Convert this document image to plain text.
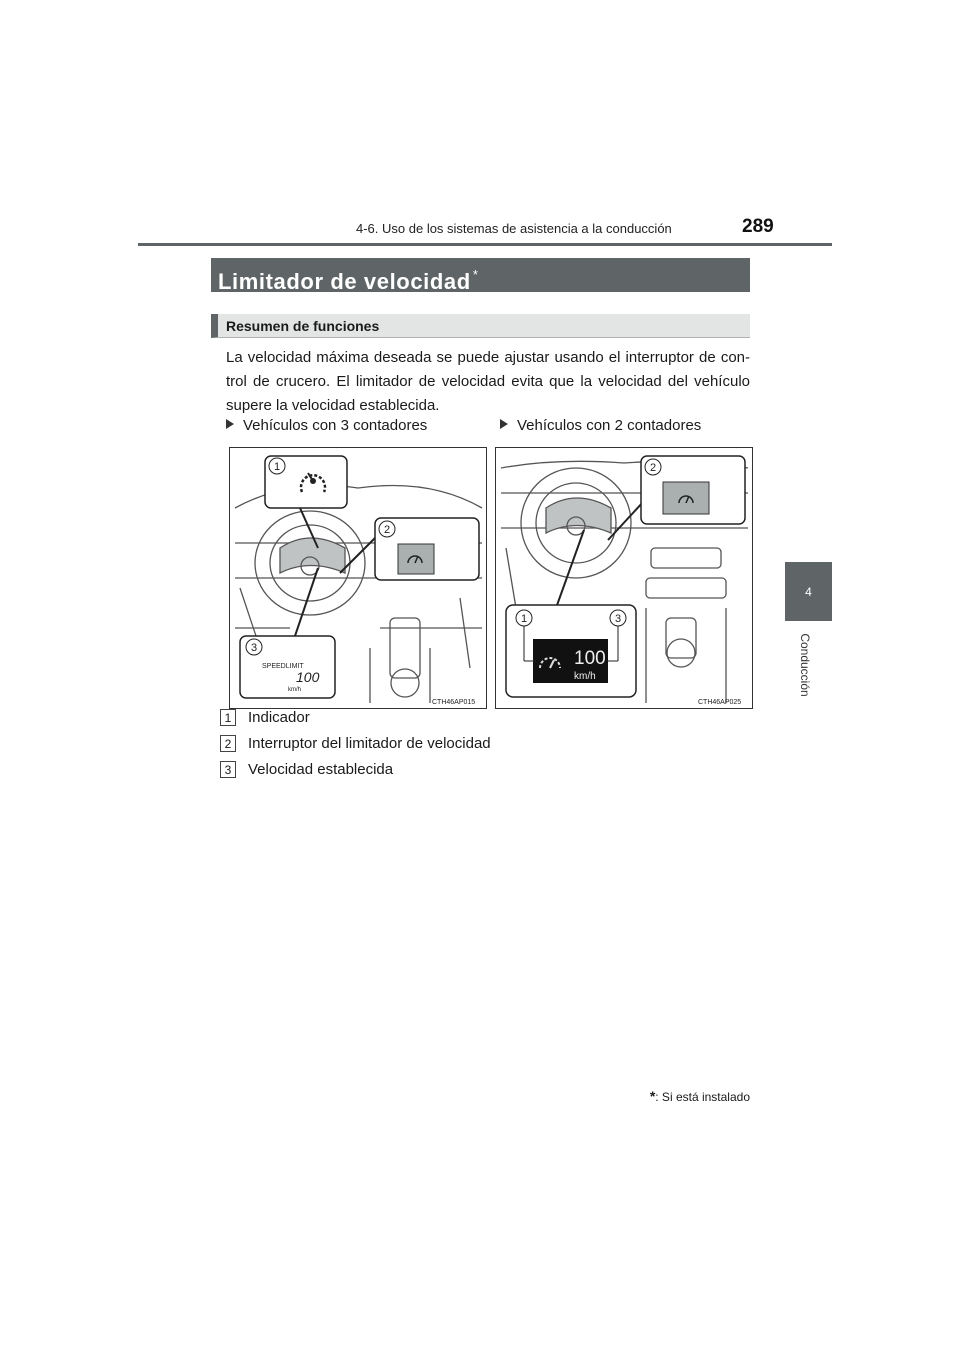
4-6. Uso de los sistemas de asistencia a la conducción	289
4
Conducción
Limitador de velocidad *
Resumen de funciones
La velocidad máxima deseada se puede ajustar usando el interruptor de con-trol de crucero. El limitador de velocidad evita que la velocidad del vehículo supere la velocidad establecida.
Vehículos con 3 contadores	Vehículos con 2 contadores
1
2
3
SPEEDLIMIT
100
km/h
CTH46AP015
2
1	3
100
km/h
CTH46AP025
1	Indicador
2	Interruptor del limitador de velocidad
3	Velocidad establecida
*: Si está instalado
